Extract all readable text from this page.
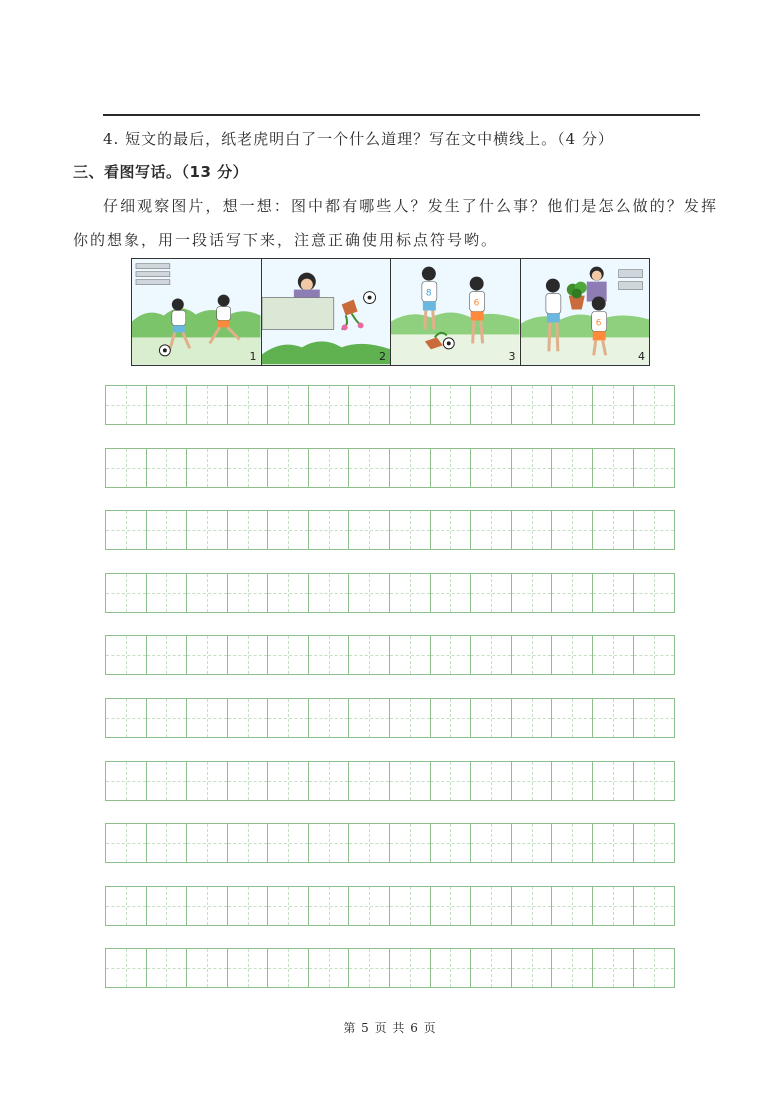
4. 短文的最后，纸老虎明白了一个什么道理？写在文中横线上。（4 分）
三、看图写话。（13 分）
仔细观察图片，想一想：图中都有哪些人？发生了什么事？他们是怎么做的？发挥你的想象，用一段话写下来，注意正确使用标点符号哟。
1	2
8
6
3
6
4
第 5 页 共 6 页
